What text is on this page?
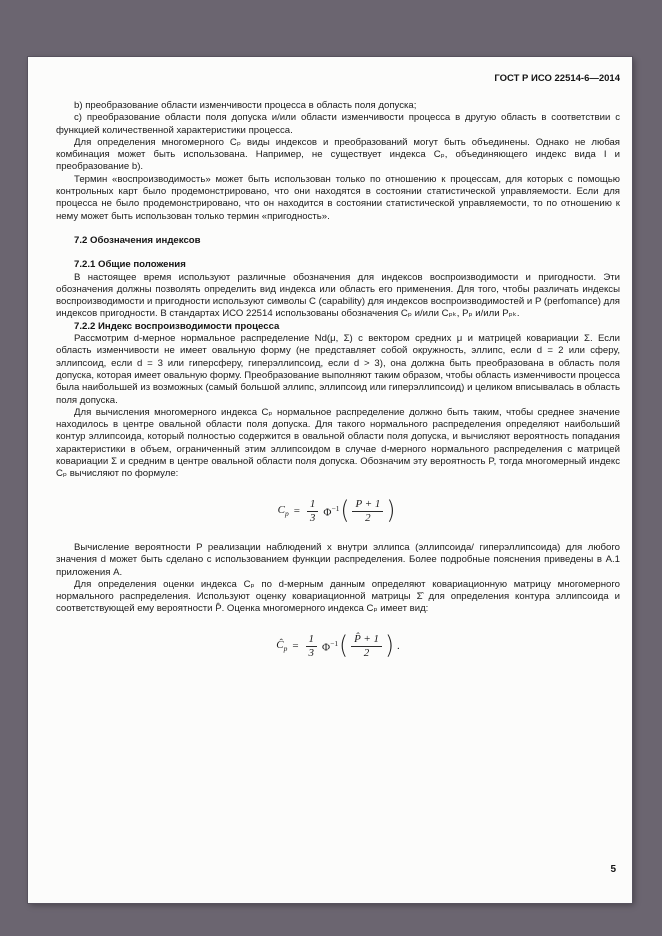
ГОСТ Р ИСО 22514-6—2014

b) преобразование области изменчивости процесса в область поля допуска;

c) преобразование области поля допуска и/или области изменчивости процесса в другую область в соответствии с функцией количественной характеристики процесса.

Для определения многомерного Cₚ виды индексов и преобразований могут быть объединены. Однако не любая комбинация может быть использована. Например, не существует индекса Cₚ, объединяющего индекс вида I и преобразование b).

Термин «воспроизводимость» может быть использован только по отношению к процессам, для которых с помощью контрольных карт было продемонстрировано, что они находятся в состоянии статистической управляемости. Если для процесса не было продемонстрировано, что он находится в состоянии статистической управляемости, то по отношению к нему может быть использован только термин «пригодность».

7.2 Обозначения индексов

7.2.1 Общие положения

В настоящее время используют различные обозначения для индексов воспроизводимости и пригодности. Эти обозначения должны позволять определить вид индекса или область его применения. Для того, чтобы различать индексы воспроизводимости и пригодности используют символы C (capability) для индексов воспроизводимостей и P (perfomance) для индексов пригодности. В стандартах ИСО 22514 использованы обозначения Cₚ и/или Cₚₖ, Pₚ и/или Pₚₖ.

7.2.2 Индекс воспроизводимости процесса

Рассмотрим d-мерное нормальное распределение Nd(μ, Σ) с вектором средних μ и матрицей ковариации Σ. Если область изменчивости не имеет овальную форму (не представляет собой окружность, эллипс, если d = 2 или сферу, эллипсоид, если d = 3 или гиперсферу, гиперэллипсоид, если d > 3), она должна быть преобразована в область поля допуска, которая имеет овальную форму. Преобразование выполняют таким образом, чтобы область изменчивости процесса была наибольшей из возможных (самый большой эллипс, эллипсоид или гиперэллипсоид) и целиком вписывалась в область поля допуска.

Для вычисления многомерного индекса Cₚ нормальное распределение должно быть таким, чтобы среднее значение находилось в центре овальной области поля допуска. Для такого нормального распределения определяют наибольший контур эллипсоида, который полностью содержится в овальной области поля допуска, и вычисляют вероятность попадания характеристики в объем, ограниченный этим эллипсоидом в случае d-мерного нормального распределения с матрицей ковариации Σ и средним в центре овальной области поля допуска. Обозначим эту вероятность P, тогда многомерный индекс Cₚ вычисляют по формуле:

$C_p = \frac{1}{3} \Phi^{-1}$ ( $\frac{P + 1}{2}$ )

Вычисление вероятности P реализации наблюдений x внутри эллипса (эллипсоида/ гиперэллипсоида) для любого значения d может быть сделано с использованием функции распределения. Более подробные пояснения приведены в А.1 приложения А.

Для определения оценки индекса Cₚ по d-мерным данным определяют ковариационную матрицу многомерного нормального распределения. Используют оценку ковариационной матрицы Σ̂ для определения контура эллипсоида и соответствующей ему вероятности P̂. Оценка многомерного индекса Cₚ имеет вид:

$Ĉ_p = \frac{1}{3} \Phi^{-1}$ ( $\frac{P̂ + 1}{2}$ ) .
5
